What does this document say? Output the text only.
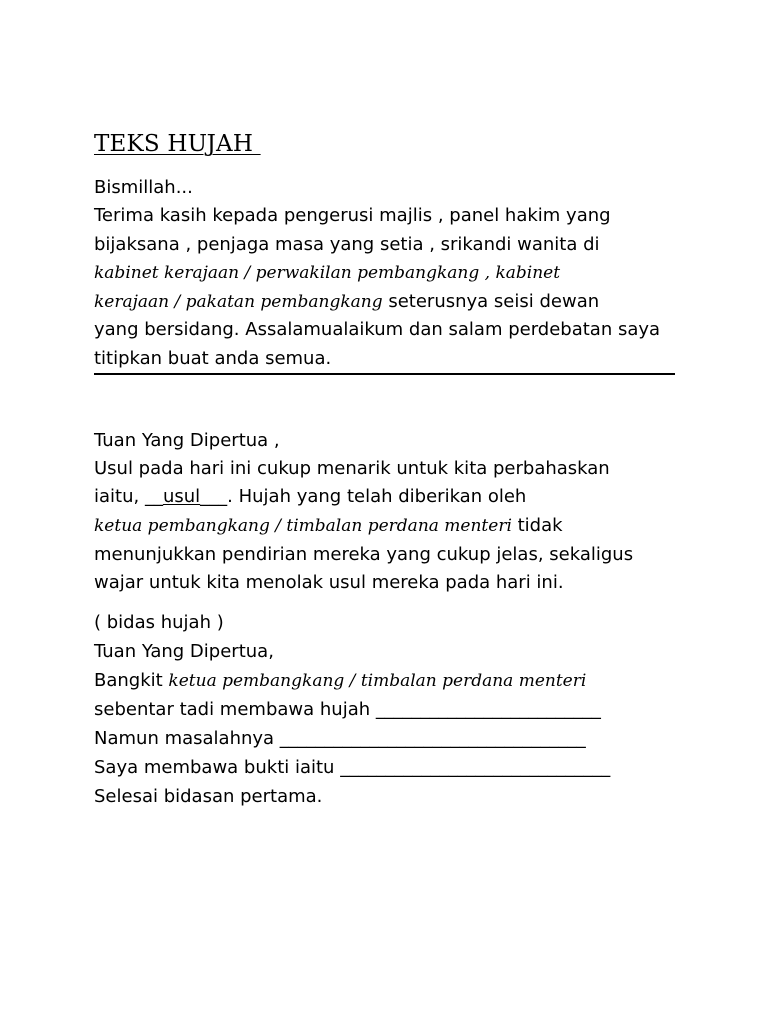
TEKS HUJAH
Bismillah...
Terima kasih kepada pengerusi majlis , panel hakim yang
bijaksana , penjaga masa yang setia , srikandi wanita di
kabinet kerajaan / perwakilan pembangkang , kabinet
kerajaan / pakatan pembangkang seterusnya seisi dewan
yang bersidang. Assalamualaikum dan salam perdebatan saya
titipkan buat anda semua.
Tuan Yang Dipertua ,
Usul pada hari ini cukup menarik untuk kita perbahaskan
iaitu, __usul___. Hujah yang telah diberikan oleh
ketua pembangkang / timbalan perdana menteri tidak
menunjukkan pendirian mereka yang cukup jelas, sekaligus
wajar untuk kita menolak usul mereka pada hari ini.
( bidas hujah )
Tuan Yang Dipertua,
Bangkit ketua pembangkang / timbalan perdana menteri
sebentar tadi membawa hujah _________________________
Namun masalahnya __________________________________
Saya membawa bukti iaitu ______________________________
Selesai bidasan pertama.
